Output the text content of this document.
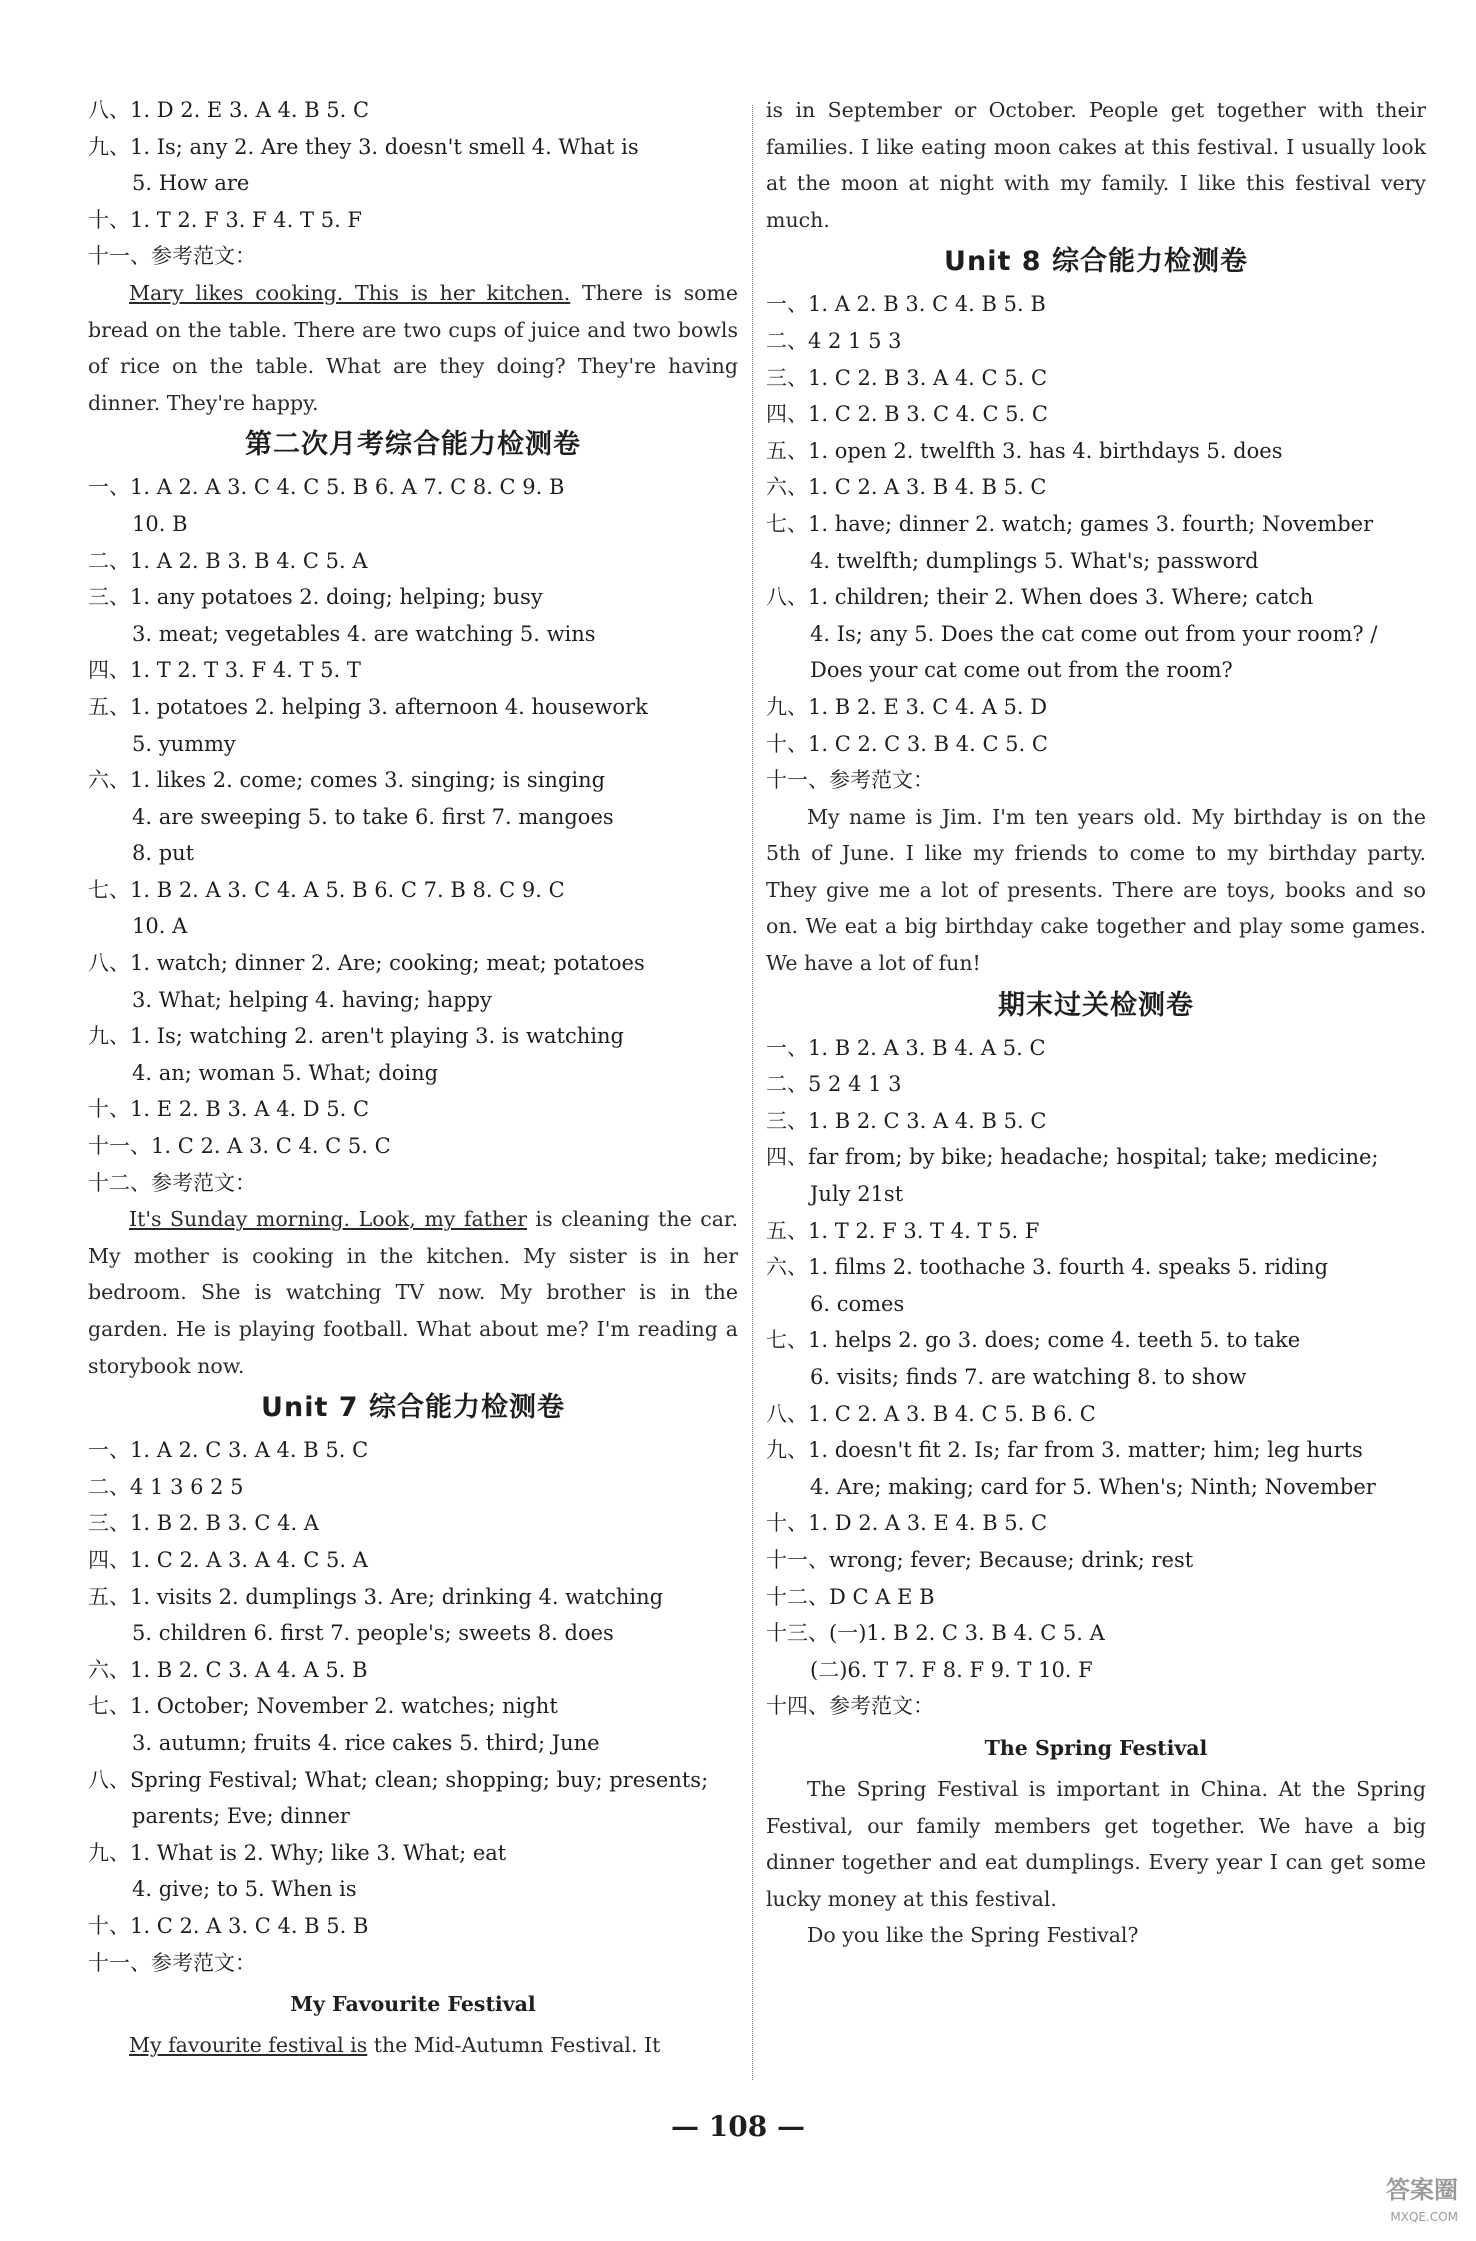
八、1. D 2. E 3. A 4. B 5. C
九、1. Is; any 2. Are they 3. doesn't smell 4. What is
5. How are
十、1. T 2. F 3. F 4. T 5. F
十一、参考范文：
Mary likes cooking. This is her kitchen. There is some bread on the table. There are two cups of juice and two bowls of rice on the table. What are they doing? They're having dinner. They're happy.
第二次月考综合能力检测卷
一、1. A 2. A 3. C 4. C 5. B 6. A 7. C 8. C 9. B
10. B
二、1. A 2. B 3. B 4. C 5. A
三、1. any potatoes 2. doing; helping; busy
3. meat; vegetables 4. are watching 5. wins
四、1. T 2. T 3. F 4. T 5. T
五、1. potatoes 2. helping 3. afternoon 4. housework
5. yummy
六、1. likes 2. come; comes 3. singing; is singing
4. are sweeping 5. to take 6. first 7. mangoes
8. put
七、1. B 2. A 3. C 4. A 5. B 6. C 7. B 8. C 9. C
10. A
八、1. watch; dinner 2. Are; cooking; meat; potatoes
3. What; helping 4. having; happy
九、1. Is; watching 2. aren't playing 3. is watching
4. an; woman 5. What; doing
十、1. E 2. B 3. A 4. D 5. C
十一、1. C 2. A 3. C 4. C 5. C
十二、参考范文：
It's Sunday morning. Look, my father is cleaning the car. My mother is cooking in the kitchen. My sister is in her bedroom. She is watching TV now. My brother is in the garden. He is playing football. What about me? I'm reading a storybook now.
Unit 7 综合能力检测卷
一、1. A 2. C 3. A 4. B 5. C
二、4 1 3 6 2 5
三、1. B 2. B 3. C 4. A
四、1. C 2. A 3. A 4. C 5. A
五、1. visits 2. dumplings 3. Are; drinking 4. watching
5. children 6. first 7. people's; sweets 8. does
六、1. B 2. C 3. A 4. A 5. B
七、1. October; November 2. watches; night
3. autumn; fruits 4. rice cakes 5. third; June
八、Spring Festival; What; clean; shopping; buy; presents;
parents; Eve; dinner
九、1. What is 2. Why; like 3. What; eat
4. give; to 5. When is
十、1. C 2. A 3. C 4. B 5. B
十一、参考范文：
My Favourite Festival
My favourite festival is the Mid-Autumn Festival. It
is in September or October. People get together with their families. I like eating moon cakes at this festival. I usually look at the moon at night with my family. I like this festival very much.
Unit 8 综合能力检测卷
一、1. A 2. B 3. C 4. B 5. B
二、4 2 1 5 3
三、1. C 2. B 3. A 4. C 5. C
四、1. C 2. B 3. C 4. C 5. C
五、1. open 2. twelfth 3. has 4. birthdays 5. does
六、1. C 2. A 3. B 4. B 5. C
七、1. have; dinner 2. watch; games 3. fourth; November
4. twelfth; dumplings 5. What's; password
八、1. children; their 2. When does 3. Where; catch
4. Is; any 5. Does the cat come out from your room? /
Does your cat come out from the room?
九、1. B 2. E 3. C 4. A 5. D
十、1. C 2. C 3. B 4. C 5. C
十一、参考范文：
My name is Jim. I'm ten years old. My birthday is on the 5th of June. I like my friends to come to my birthday party. They give me a lot of presents. There are toys, books and so on. We eat a big birthday cake together and play some games. We have a lot of fun!
期末过关检测卷
一、1. B 2. A 3. B 4. A 5. C
二、5 2 4 1 3
三、1. B 2. C 3. A 4. B 5. C
四、far from; by bike; headache; hospital; take; medicine;
July 21st
五、1. T 2. F 3. T 4. T 5. F
六、1. films 2. toothache 3. fourth 4. speaks 5. riding
6. comes
七、1. helps 2. go 3. does; come 4. teeth 5. to take
6. visits; finds 7. are watching 8. to show
八、1. C 2. A 3. B 4. C 5. B 6. C
九、1. doesn't fit 2. Is; far from 3. matter; him; leg hurts
4. Are; making; card for 5. When's; Ninth; November
十、1. D 2. A 3. E 4. B 5. C
十一、wrong; fever; Because; drink; rest
十二、D C A E B
十三、(一)1. B 2. C 3. B 4. C 5. A
(二)6. T 7. F 8. F 9. T 10. F
十四、参考范文：
The Spring Festival
The Spring Festival is important in China. At the Spring Festival, our family members get together. We have a big dinner together and eat dumplings. Every year I can get some lucky money at this festival.
Do you like the Spring Festival?
— 108 —
答案圈
MXQE.COM
